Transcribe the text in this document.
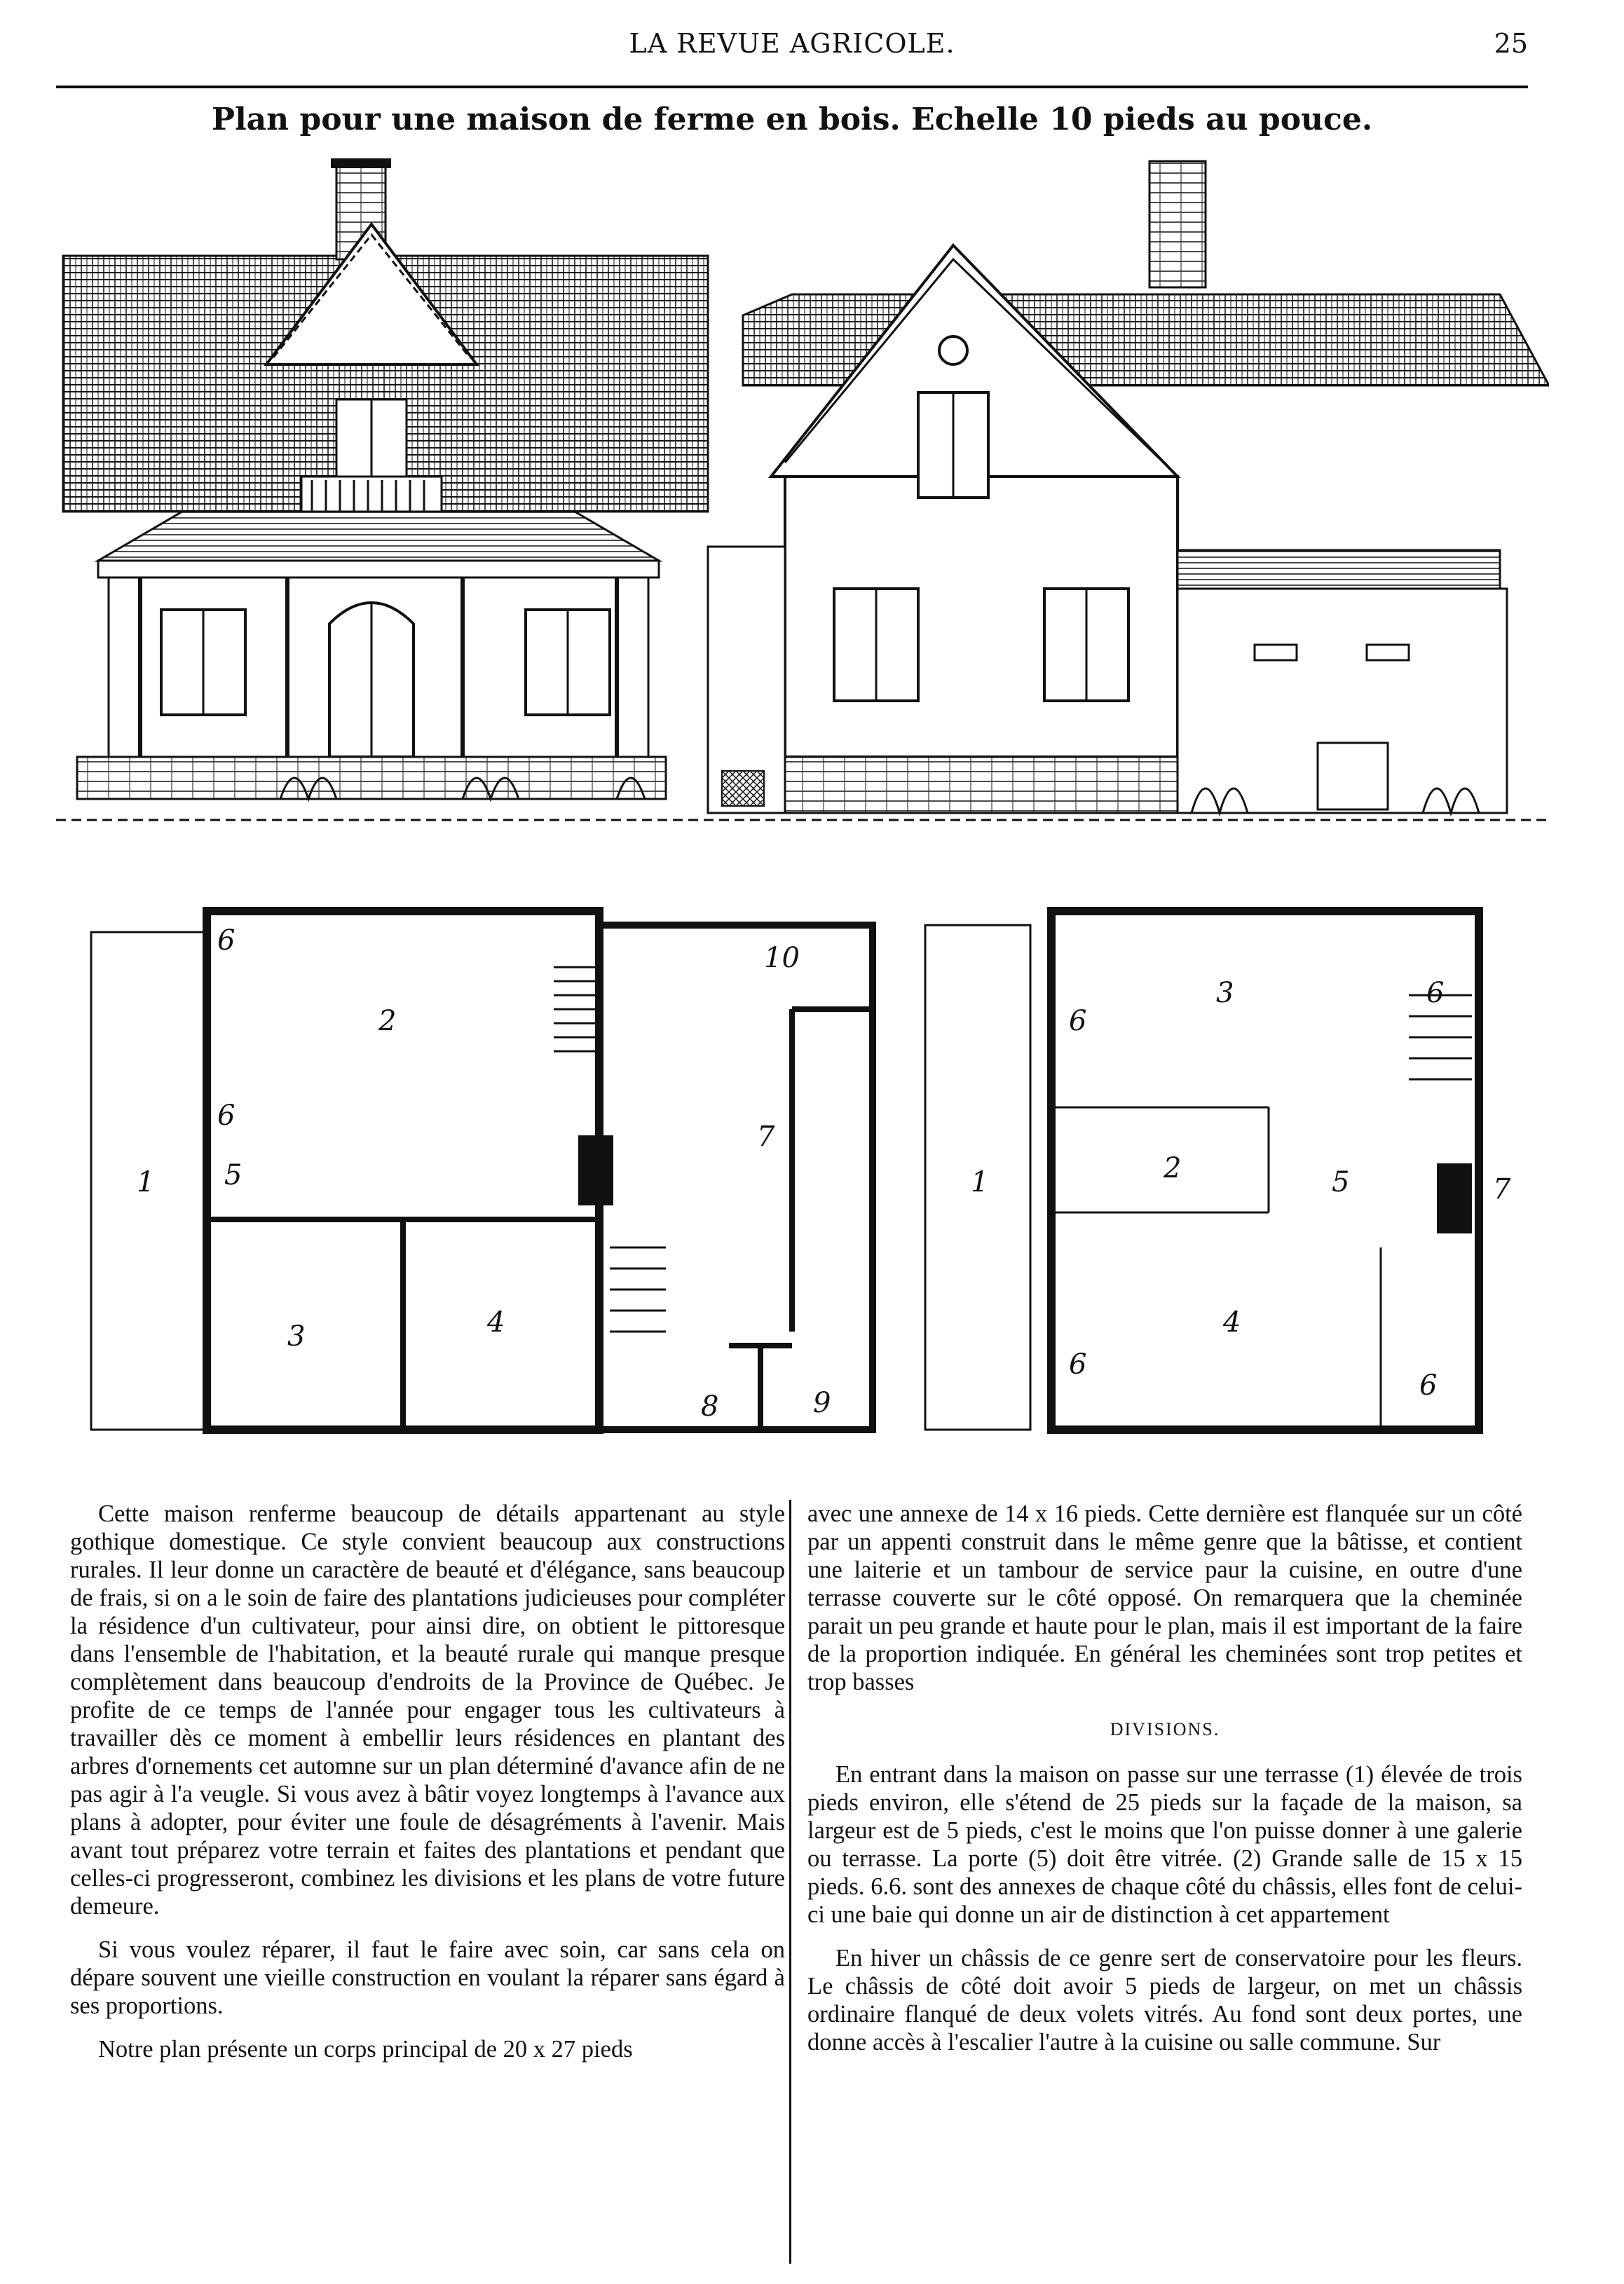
LA REVUE AGRICOLE.	25
Plan pour une maison de ferme en bois. Echelle 10 pieds au pouce.
1
2
3	4
5
6
6
7
8	9
10
1	2
3
4
5
6
6
6
6
7

Cette maison renferme beaucoup de détails appartenant au style gothique domestique. Ce style convient beaucoup aux constructions rurales. Il leur donne un caractère de beauté et d'élégance, sans beaucoup de frais, si on a le soin de faire des plantations judicieuses pour compléter la résidence d'un cultivateur, pour ainsi dire, on obtient le pittoresque dans l'ensemble de l'habitation, et la beauté rurale qui manque presque complètement dans beaucoup d'endroits de la Province de Québec. Je profite de ce temps de l'année pour engager tous les cultivateurs à travailler dès ce moment à embellir leurs résidences en plantant des arbres d'ornements cet automne sur un plan déterminé d'avance afin de ne pas agir à l'a veugle. Si vous avez à bâtir voyez longtemps à l'avance aux plans à adopter, pour éviter une foule de désagréments à l'avenir. Mais avant tout préparez votre terrain et faites des plantations et pendant que celles-ci progresseront, combinez les divisions et les plans de votre future demeure.

Si vous voulez réparer, il faut le faire avec soin, car sans cela on dépare souvent une vieille construction en voulant la réparer sans égard à ses proportions.

Notre plan présente un corps principal de 20 x 27 pieds

avec une annexe de 14 x 16 pieds. Cette dernière est flanquée sur un côté par un appenti construit dans le même genre que la bâtisse, et contient une laiterie et un tambour de service paur la cuisine, en outre d'une terrasse couverte sur le côté opposé. On remarquera que la cheminée parait un peu grande et haute pour le plan, mais il est important de la faire de la proportion indiquée. En général les cheminées sont trop petites et trop basses

DIVISIONS.

En entrant dans la maison on passe sur une terrasse (1) élevée de trois pieds environ, elle s'étend de 25 pieds sur la façade de la maison, sa largeur est de 5 pieds, c'est le moins que l'on puisse donner à une galerie ou terrasse. La porte (5) doit être vitrée. (2) Grande salle de 15 x 15 pieds. 6.6. sont des annexes de chaque côté du châssis, elles font de celui-ci une baie qui donne un air de distinction à cet appartement

En hiver un châssis de ce genre sert de conservatoire pour les fleurs. Le châssis de côté doit avoir 5 pieds de largeur, on met un châssis ordinaire flanqué de deux volets vitrés. Au fond sont deux portes, une donne accès à l'escalier l'autre à la cuisine ou salle commune. Sur
